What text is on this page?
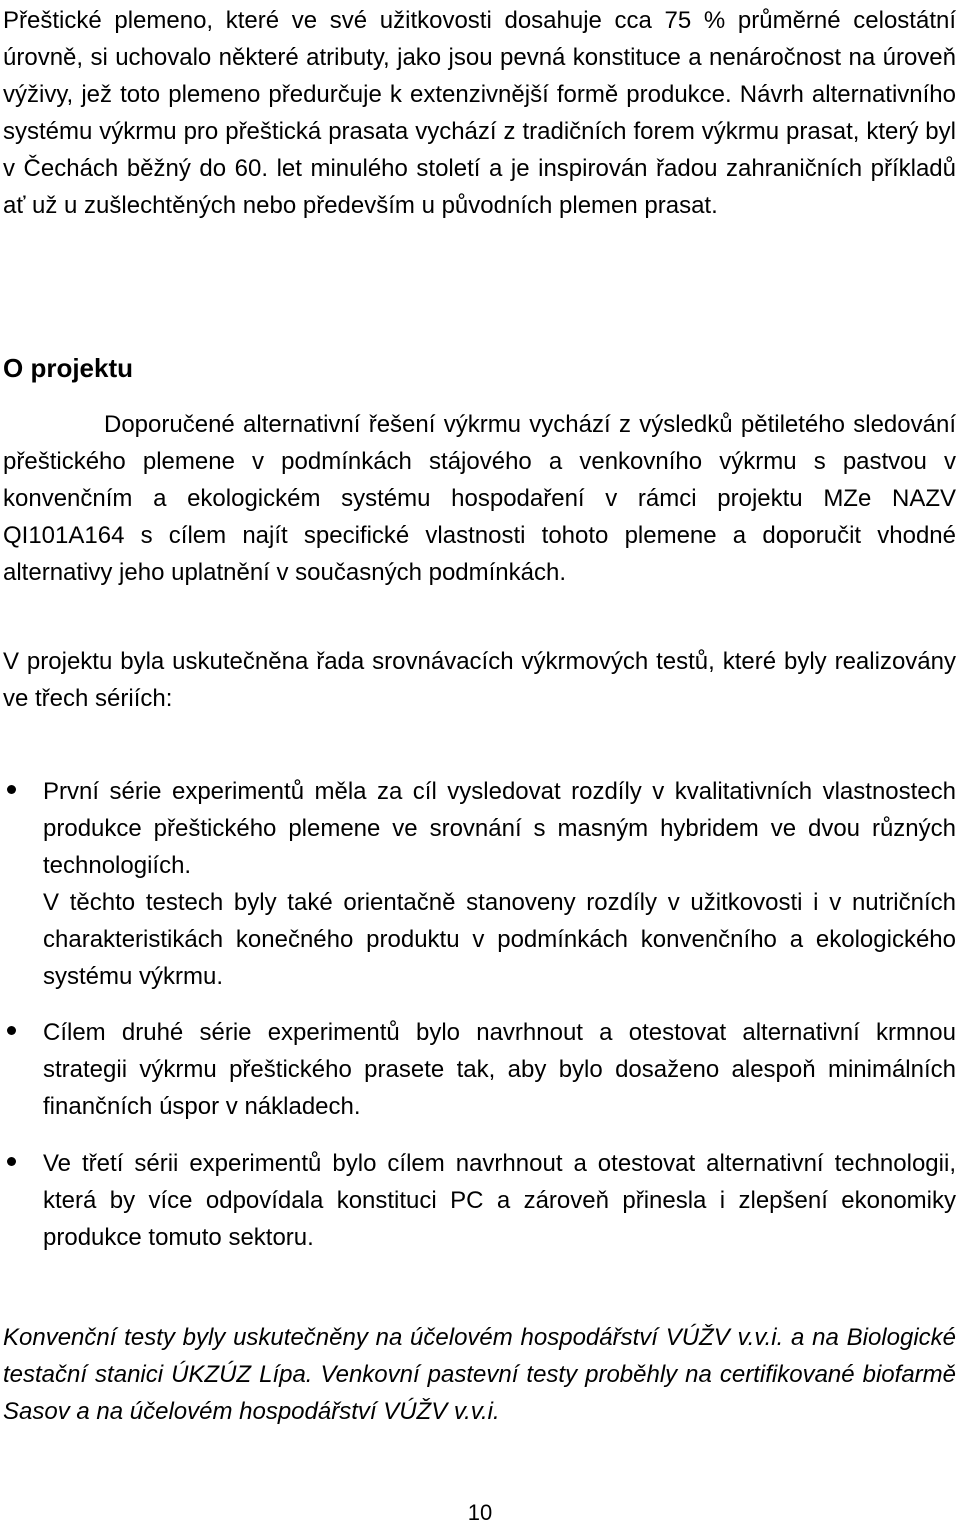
Přeštické plemeno, které ve své užitkovosti dosahuje cca 75 % průměrné celostátní úrovně, si uchovalo některé atributy, jako jsou pevná konstituce a nenáročnost na úroveň výživy, jež toto plemeno předurčuje k extenzivnější formě produkce. Návrh alternativního systému výkrmu pro přeštická prasata vychází z tradičních forem výkrmu prasat, který byl v Čechách běžný do 60. let minulého století a je inspirován řadou zahraničních příkladů ať už u zušlechtěných nebo především u původních plemen prasat.

O projektu

Doporučené alternativní řešení výkrmu vychází z výsledků pětiletého sledování přeštického plemene v podmínkách stájového a venkovního výkrmu s pastvou v konvenčním a ekologickém systému hospodaření v rámci projektu MZe NAZV QI101A164 s cílem najít specifické vlastnosti tohoto plemene a doporučit vhodné alternativy jeho uplatnění v současných podmínkách.

V projektu byla uskutečněna řada srovnávacích výkrmových testů, které byly realizovány ve třech sériích:

První série experimentů měla za cíl vysledovat rozdíly v kvalitativních vlastnostech produkce přeštického plemene ve srovnání s masným hybridem ve dvou různých technologiích.
V těchto testech byly také orientačně stanoveny rozdíly v užitkovosti i v nutričních charakteristikách konečného produktu v podmínkách konvenčního a ekologického systému výkrmu.
Cílem druhé série experimentů bylo navrhnout a otestovat alternativní krmnou strategii výkrmu přeštického prasete tak, aby bylo dosaženo alespoň minimálních finančních úspor v nákladech.
Ve třetí sérii experimentů bylo cílem navrhnout a otestovat alternativní technologii, která by více odpovídala konstituci PC a zároveň přinesla i zlepšení ekonomiky produkce tomuto sektoru.

Konvenční testy byly uskutečněny na účelovém hospodářství VÚŽV v.v.i. a na Biologické testační stanici ÚKZÚZ Lípa. Venkovní pastevní testy proběhly na certifikované biofarmě Sasov a na účelovém hospodářství VÚŽV v.v.i.

10
